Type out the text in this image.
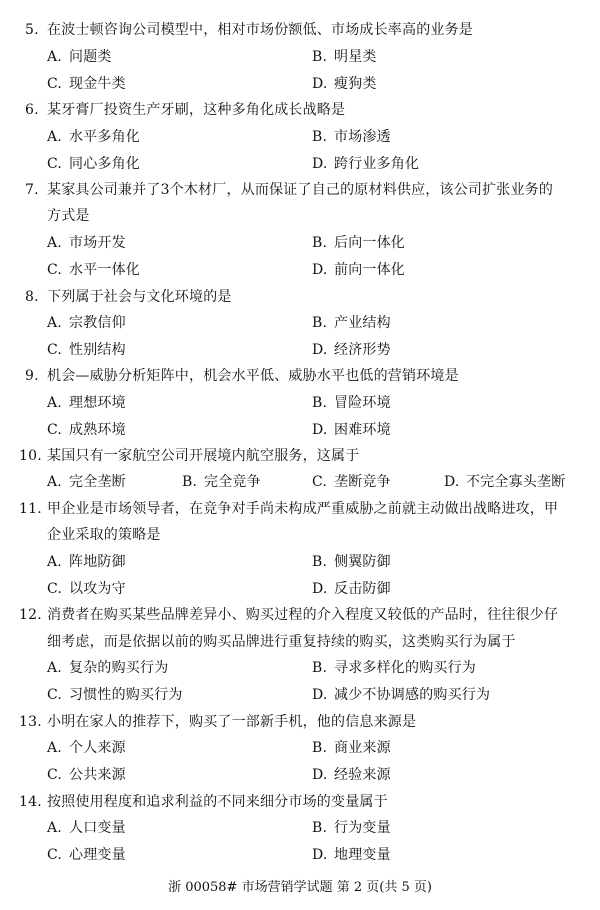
5. 在波士顿咨询公司模型中，相对市场份额低、市场成长率高的业务是
A. 问题类	B. 明星类
C. 现金牛类	D. 瘦狗类
6. 某牙膏厂投资生产牙刷，这种多角化成长战略是
A. 水平多角化	B. 市场渗透
C. 同心多角化	D. 跨行业多角化
7. 某家具公司兼并了3个木材厂，从而保证了自己的原材料供应，该公司扩张业务的
方式是
A. 市场开发	B. 后向一体化
C. 水平一体化	D. 前向一体化
8. 下列属于社会与文化环境的是
A. 宗教信仰	B. 产业结构
C. 性别结构	D. 经济形势
9. 机会—威胁分析矩阵中，机会水平低、威胁水平也低的营销环境是
A. 理想环境	B. 冒险环境
C. 成熟环境	D. 困难环境
10. 某国只有一家航空公司开展境内航空服务，这属于
A. 完全垄断	B. 完全竞争	C. 垄断竞争	D. 不完全寡头垄断
11. 甲企业是市场领导者，在竞争对手尚未构成严重威胁之前就主动做出战略进攻，甲
企业采取的策略是
A. 阵地防御	B. 侧翼防御
C. 以攻为守	D. 反击防御
12. 消费者在购买某些品牌差异小、购买过程的介入程度又较低的产品时，往往很少仔
细考虑，而是依据以前的购买品牌进行重复持续的购买，这类购买行为属于
A. 复杂的购买行为	B. 寻求多样化的购买行为
C. 习惯性的购买行为	D. 减少不协调感的购买行为
13. 小明在家人的推荐下，购买了一部新手机，他的信息来源是
A. 个人来源	B. 商业来源
C. 公共来源	D. 经验来源
14. 按照使用程度和追求利益的不同来细分市场的变量属于
A. 人口变量	B. 行为变量
C. 心理变量	D. 地理变量
浙 00058# 市场营销学试题 第 2 页(共 5 页)
